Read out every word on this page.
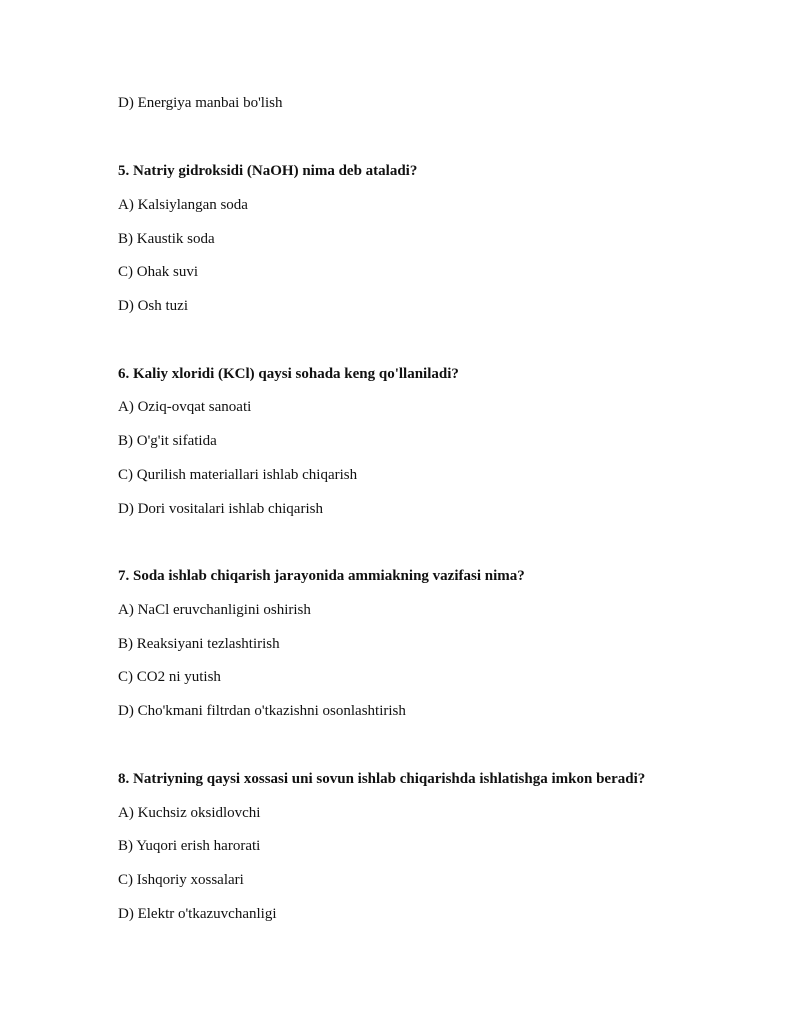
D) Energiya manbai bo'lish
5. Natriy gidroksidi (NaOH) nima deb ataladi?
A) Kalsiylangan soda
B) Kaustik soda
C) Ohak suvi
D) Osh tuzi
6. Kaliy xloridi (KCl) qaysi sohada keng qo'llaniladi?
A) Oziq-ovqat sanoati
B) O'g'it sifatida
C) Qurilish materiallari ishlab chiqarish
D) Dori vositalari ishlab chiqarish
7. Soda ishlab chiqarish jarayonida ammiakning vazifasi nima?
A) NaCl eruvchanligini oshirish
B) Reaksiyani tezlashtirish
C) CO2 ni yutish
D) Cho'kmani filtrdan o'tkazishni osonlashtirish
8. Natriyning qaysi xossasi uni sovun ishlab chiqarishda ishlatishga imkon beradi?
A) Kuchsiz oksidlovchi
B) Yuqori erish harorati
C) Ishqoriy xossalari
D) Elektr o'tkazuvchanligi
